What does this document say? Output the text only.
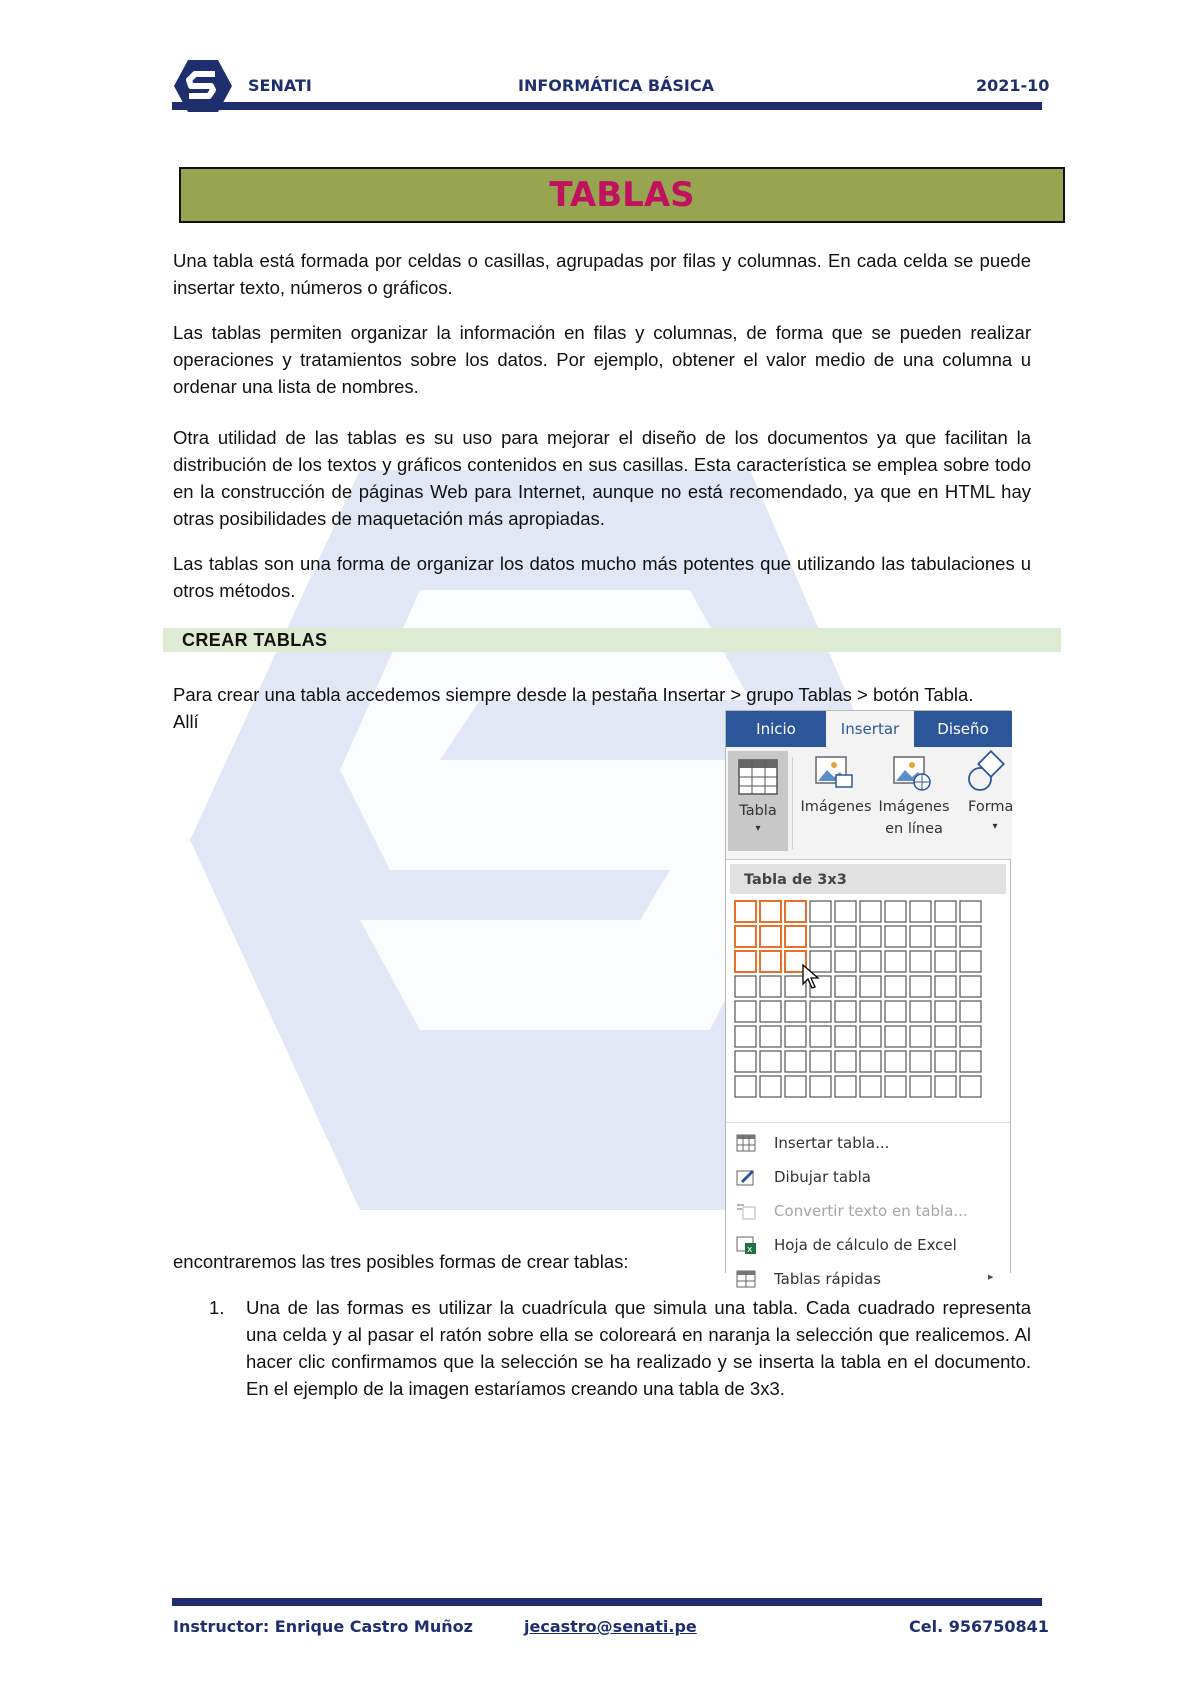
SENATI	INFORMÁTICA BÁSICA	2021-10
TABLAS
Una tabla está formada por celdas o casillas, agrupadas por filas y columnas. En cada celda se puede insertar texto, números o gráficos.
Las tablas permiten organizar la información en filas y columnas, de forma que se pueden realizar operaciones y tratamientos sobre los datos. Por ejemplo, obtener el valor medio de una columna u ordenar una lista de nombres.
Otra utilidad de las tablas es su uso para mejorar el diseño de los documentos ya que facilitan la distribución de los textos y gráficos contenidos en sus casillas. Esta característica se emplea sobre todo en la construcción de páginas Web para Internet, aunque no está recomendado, ya que en HTML hay otras posibilidades de maquetación más apropiadas.
Las tablas son una forma de organizar los datos mucho más potentes que utilizando las tabulaciones u otros métodos.
CREAR TABLAS
Para crear una tabla accedemos siempre desde la pestaña Insertar > grupo Tablas > botón Tabla.
Allí
encontraremos las tres posibles formas de crear tablas:
Inicio	Insertar	Diseño
Tabla
▾
Imágenes Imágenes
en línea
Forma
▾
Tabla de 3x3
Insertar tabla...
Dibujar tabla
Convertir texto en tabla...
x Hoja de cálculo de Excel
Tablas rápidas	▸
1. Una de las formas es utilizar la cuadrícula que simula una tabla. Cada cuadrado representa una celda y al pasar el ratón sobre ella se coloreará en naranja la selección que realicemos. Al hacer clic confirmamos que la selección se ha realizado y se inserta la tabla en el documento. En el ejemplo de la imagen estaríamos creando una tabla de 3x3.
Instructor: Enrique Castro Muñoz	jecastro@senati.pe	Cel. 956750841
